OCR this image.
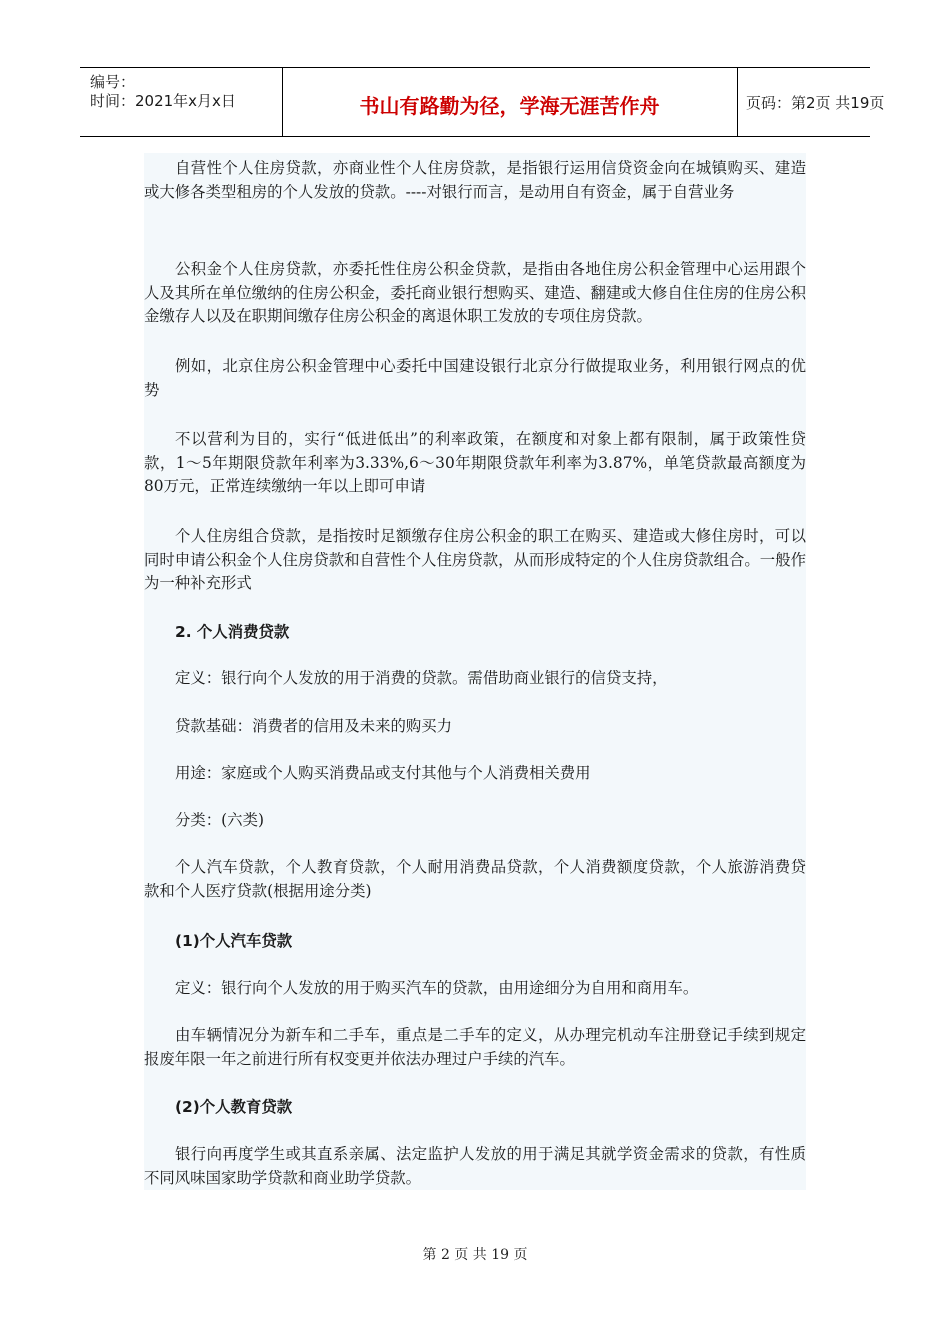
编号：
时间：2021年x月x日	书山有路勤为径，学海无涯苦作舟	页码：第2页 共19页

自营性个人住房贷款，亦商业性个人住房贷款，是指银行运用信贷资金向在城镇购买、建造或大修各类型租房的个人发放的贷款。----对银行而言，是动用自有资金，属于自营业务

公积金个人住房贷款，亦委托性住房公积金贷款，是指由各地住房公积金管理中心运用跟个人及其所在单位缴纳的住房公积金，委托商业银行想购买、建造、翻建或大修自住住房的住房公积金缴存人以及在职期间缴存住房公积金的离退休职工发放的专项住房贷款。

例如，北京住房公积金管理中心委托中国建设银行北京分行做提取业务，利用银行网点的优势

不以营利为目的，实行“低进低出”的利率政策，在额度和对象上都有限制，属于政策性贷款，1～5年期限贷款年利率为3.33%,6～30年期限贷款年利率为3.87%，单笔贷款最高额度为80万元，正常连续缴纳一年以上即可申请

个人住房组合贷款，是指按时足额缴存住房公积金的职工在购买、建造或大修住房时，可以同时申请公积金个人住房贷款和自营性个人住房贷款，从而形成特定的个人住房贷款组合。一般作为一种补充形式

2. 个人消费贷款

定义：银行向个人发放的用于消费的贷款。需借助商业银行的信贷支持，

贷款基础：消费者的信用及未来的购买力

用途：家庭或个人购买消费品或支付其他与个人消费相关费用

分类：(六类)

个人汽车贷款，个人教育贷款，个人耐用消费品贷款，个人消费额度贷款，个人旅游消费贷款和个人医疗贷款(根据用途分类)

(1)个人汽车贷款

定义：银行向个人发放的用于购买汽车的贷款，由用途细分为自用和商用车。

由车辆情况分为新车和二手车，重点是二手车的定义，从办理完机动车注册登记手续到规定报废年限一年之前进行所有权变更并依法办理过户手续的汽车。

(2)个人教育贷款

银行向再度学生或其直系亲属、法定监护人发放的用于满足其就学资金需求的贷款，有性质不同风味国家助学贷款和商业助学贷款。

第 2 页 共 19 页
